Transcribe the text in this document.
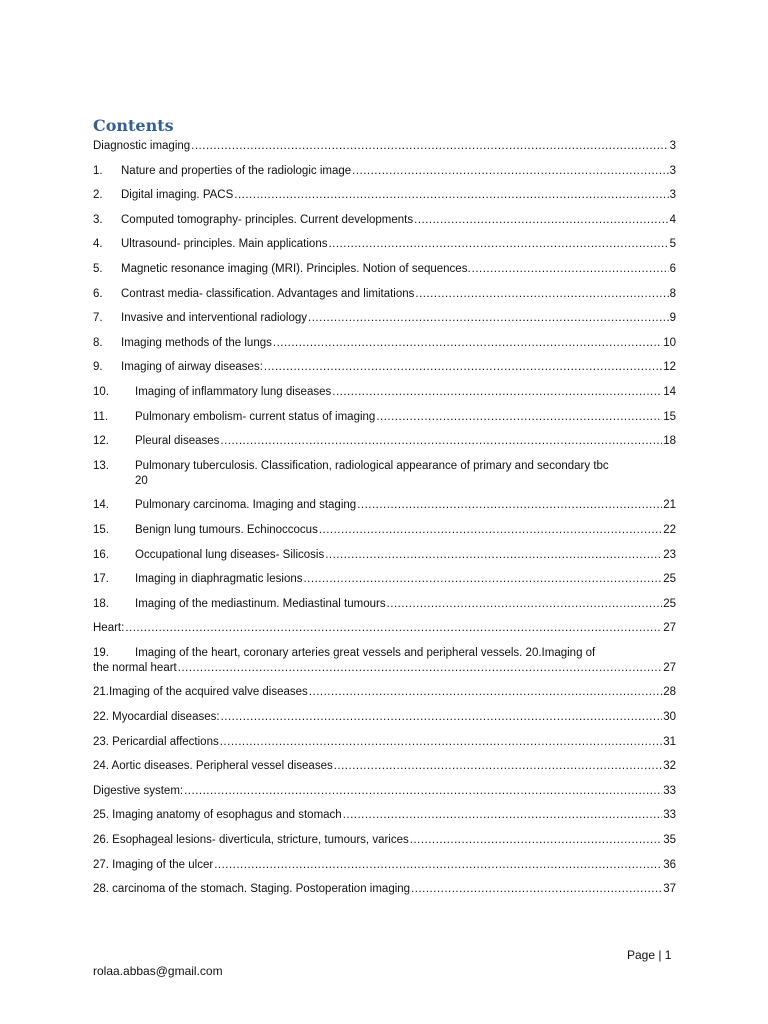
Contents
Diagnostic imaging .....	3
1.	Nature and properties of the radiologic image .....	3
2.	Digital imaging. PACS .....	3
3.	Computed tomography- principles. Current developments .....	4
4.	Ultrasound- principles. Main applications .....	5
5.	Magnetic resonance imaging (MRI). Principles. Notion of sequences. .....	6
6.	Contrast media- classification. Advantages and limitations .....	8
7.	Invasive and interventional radiology .....	9
8.	Imaging methods of the lungs .....	10
9.	Imaging of airway diseases: .....	12
10.	Imaging of inflammatory lung diseases .....	14
11.	Pulmonary embolism- current status of imaging .....	15
12.	Pleural diseases .....	18
13.	Pulmonary tuberculosis. Classification, radiological appearance of primary and secondary tbc
20
14.	Pulmonary carcinoma. Imaging and staging .....	21
15.	Benign lung tumours. Echinoccocus .....	22
16.	Occupational lung diseases- Silicosis .....	23
17.	Imaging in diaphragmatic lesions .....	25
18.	Imaging of the mediastinum. Mediastinal tumours .....	25
Heart: .....	27
19.	Imaging of the heart, coronary arteries great vessels and peripheral vessels. 20.Imaging of
the normal heart .....	27
21.Imaging of the acquired valve diseases .....	28
22. Myocardial diseases: .....	30
23. Pericardial affections .....	31
24. Aortic diseases. Peripheral vessel diseases .....	32
Digestive system: .....	33
25. Imaging anatomy of esophagus and stomach .....	33
26. Esophageal lesions- diverticula, stricture, tumours, varices .....	35
27. Imaging of the ulcer .....	36
28. carcinoma of the stomach. Staging. Postoperation imaging .....	37
Page | 1
rolaa.abbas@gmail.com
